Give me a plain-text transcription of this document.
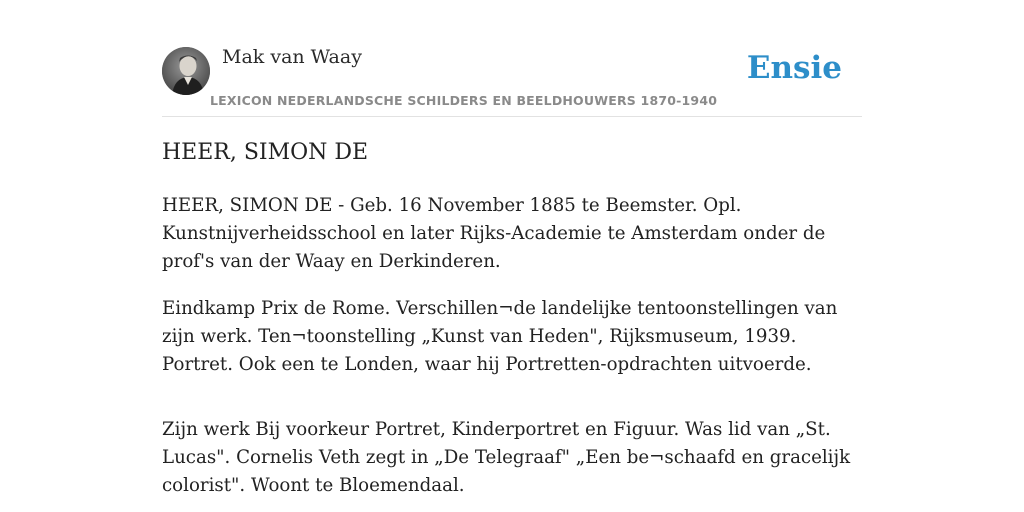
Mak van Waay
LEXICON NEDERLANDSCHE SCHILDERS EN BEELDHOUWERS 1870-1940
Ensie
HEER, SIMON DE

HEER, SIMON DE - Geb. 16 November 1885 te Beemster. Opl. Kunstnijverheidsschool en later Rijks-Academie te Amsterdam onder de prof's van der Waay en Derkinderen.

Eindkamp Prix de Rome. Verschillen¬de landelijke tentoonstellingen van zijn werk. Ten¬toonstelling „Kunst van Heden", Rijksmuseum, 1939. Portret. Ook een te Londen, waar hij Portretten-opdrachten uitvoerde.

Zijn werk Bij voorkeur Portret, Kinderportret en Figuur. Was lid van „St. Lucas". Cornelis Veth zegt in „De Telegraaf" „Een be¬schaafd en gracelijk colorist". Woont te Bloemendaal.
